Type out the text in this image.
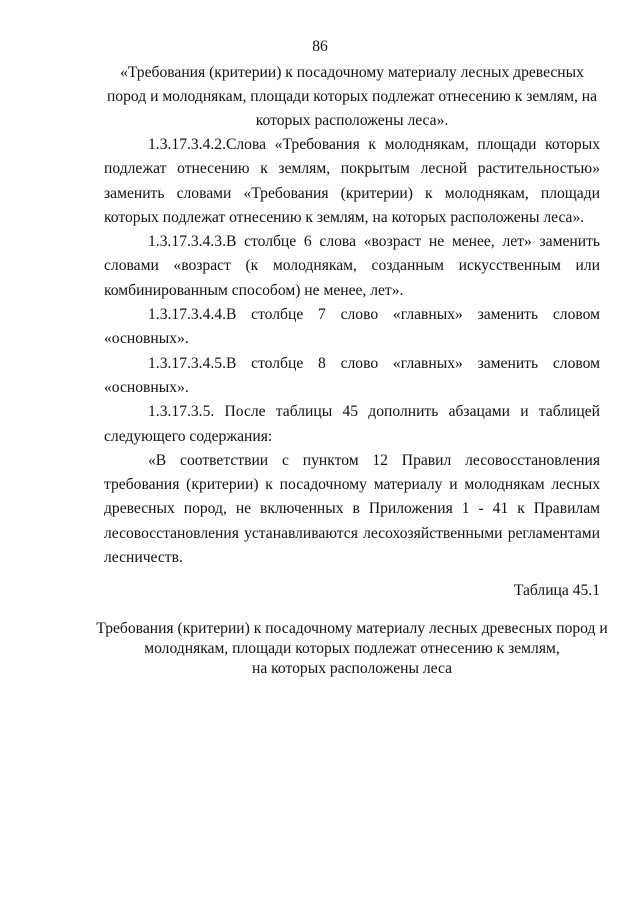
86
«Требования (критерии) к посадочному материалу лесных древесных
пород и молоднякам, площади которых подлежат отнесению к землям, на
которых расположены леса».

1.3.17.3.4.2.Слова «Требования к молоднякам, площади которых подлежат отнесению к землям, покрытым лесной растительностью» заменить словами «Требования (критерии) к молоднякам, площади которых подлежат отнесению к землям, на которых расположены леса».

1.3.17.3.4.3.В столбце 6 слова «возраст не менее, лет» заменить словами «возраст (к молоднякам, созданным искусственным или комбинированным способом) не менее, лет».

1.3.17.3.4.4.В столбце 7 слово «главных» заменить словом «основных».

1.3.17.3.4.5.В столбце 8 слово «главных» заменить словом «основных».

1.3.17.3.5. После таблицы 45 дополнить абзацами и таблицей следующего содержания:

«В соответствии с пунктом 12 Правил лесовосстановления требования (критерии) к посадочному материалу и молоднякам лесных древесных пород, не включенных в Приложения 1 - 41 к Правилам лесовосстановления устанавливаются лесохозяйственными регламентами лесничеств.

Таблица 45.1

Требования (критерии) к посадочному материалу лесных древесных пород и
молоднякам, площади которых подлежат отнесению к землям,
на которых расположены леса
